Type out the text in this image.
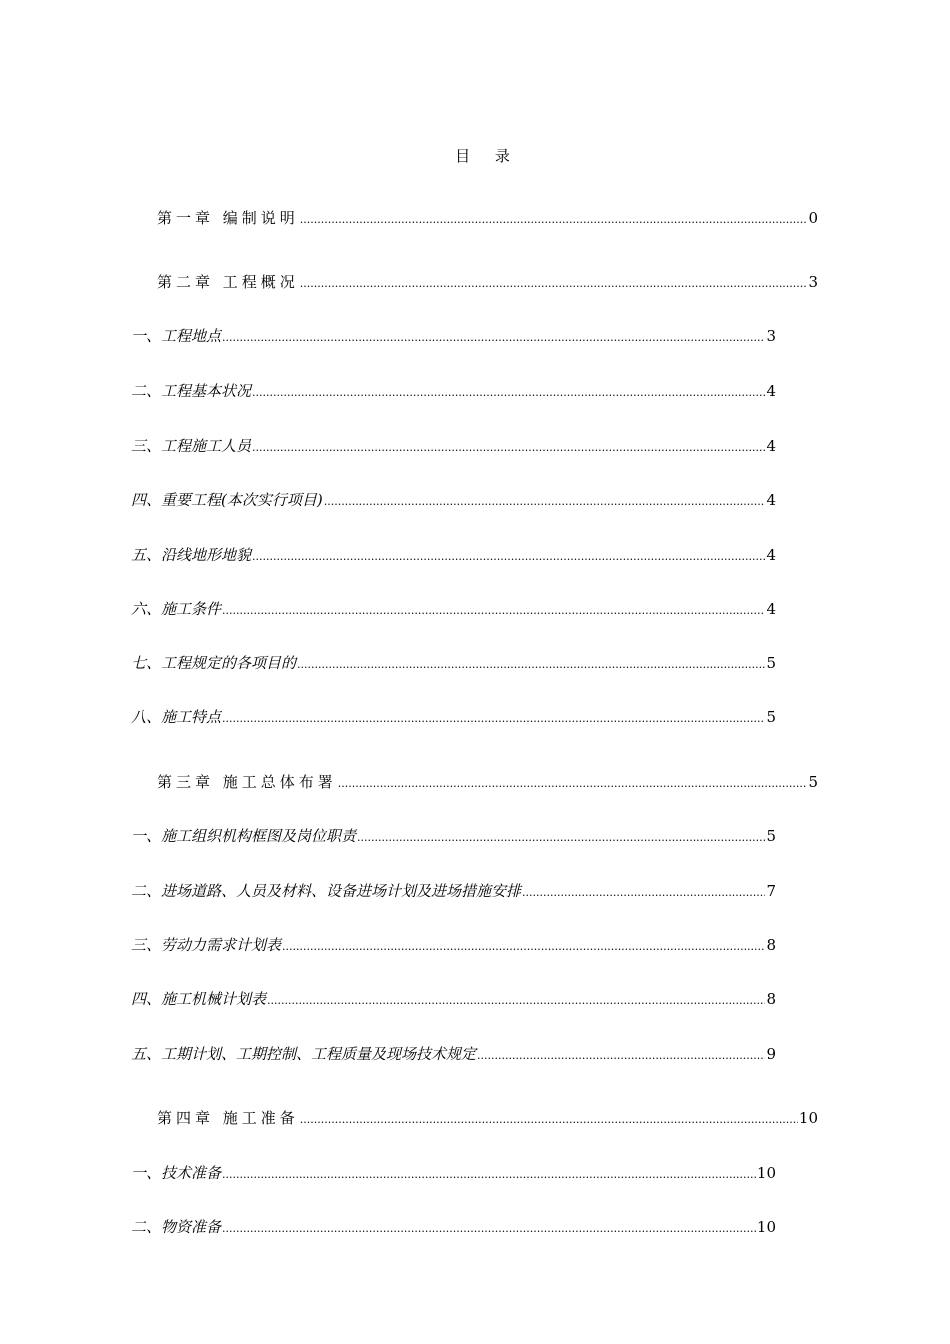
目 录
第一章 编制说明 .....	0
第二章 工程概况 .....	3
一、工程地点 .....	3
二、工程基本状况 .....	4
三、工程施工人员 .....	4
四、重要工程(本次实行项目) .....	4
五、沿线地形地貌 .....	4
六、施工条件 .....	4
七、工程规定的各项目的 .....	5
八、施工特点 .....	5
第三章 施工总体布署 .....	5
一、施工组织机构框图及岗位职责 .....	5
二、进场道路、人员及材料、设备进场计划及进场措施安排 .....	7
三、劳动力需求计划表 .....	8
四、施工机械计划表 .....	8
五、工期计划、工期控制、工程质量及现场技术规定 .....	9
第四章 施工准备 .....	10
一、技术准备 .....	10
二、物资准备 .....	10
